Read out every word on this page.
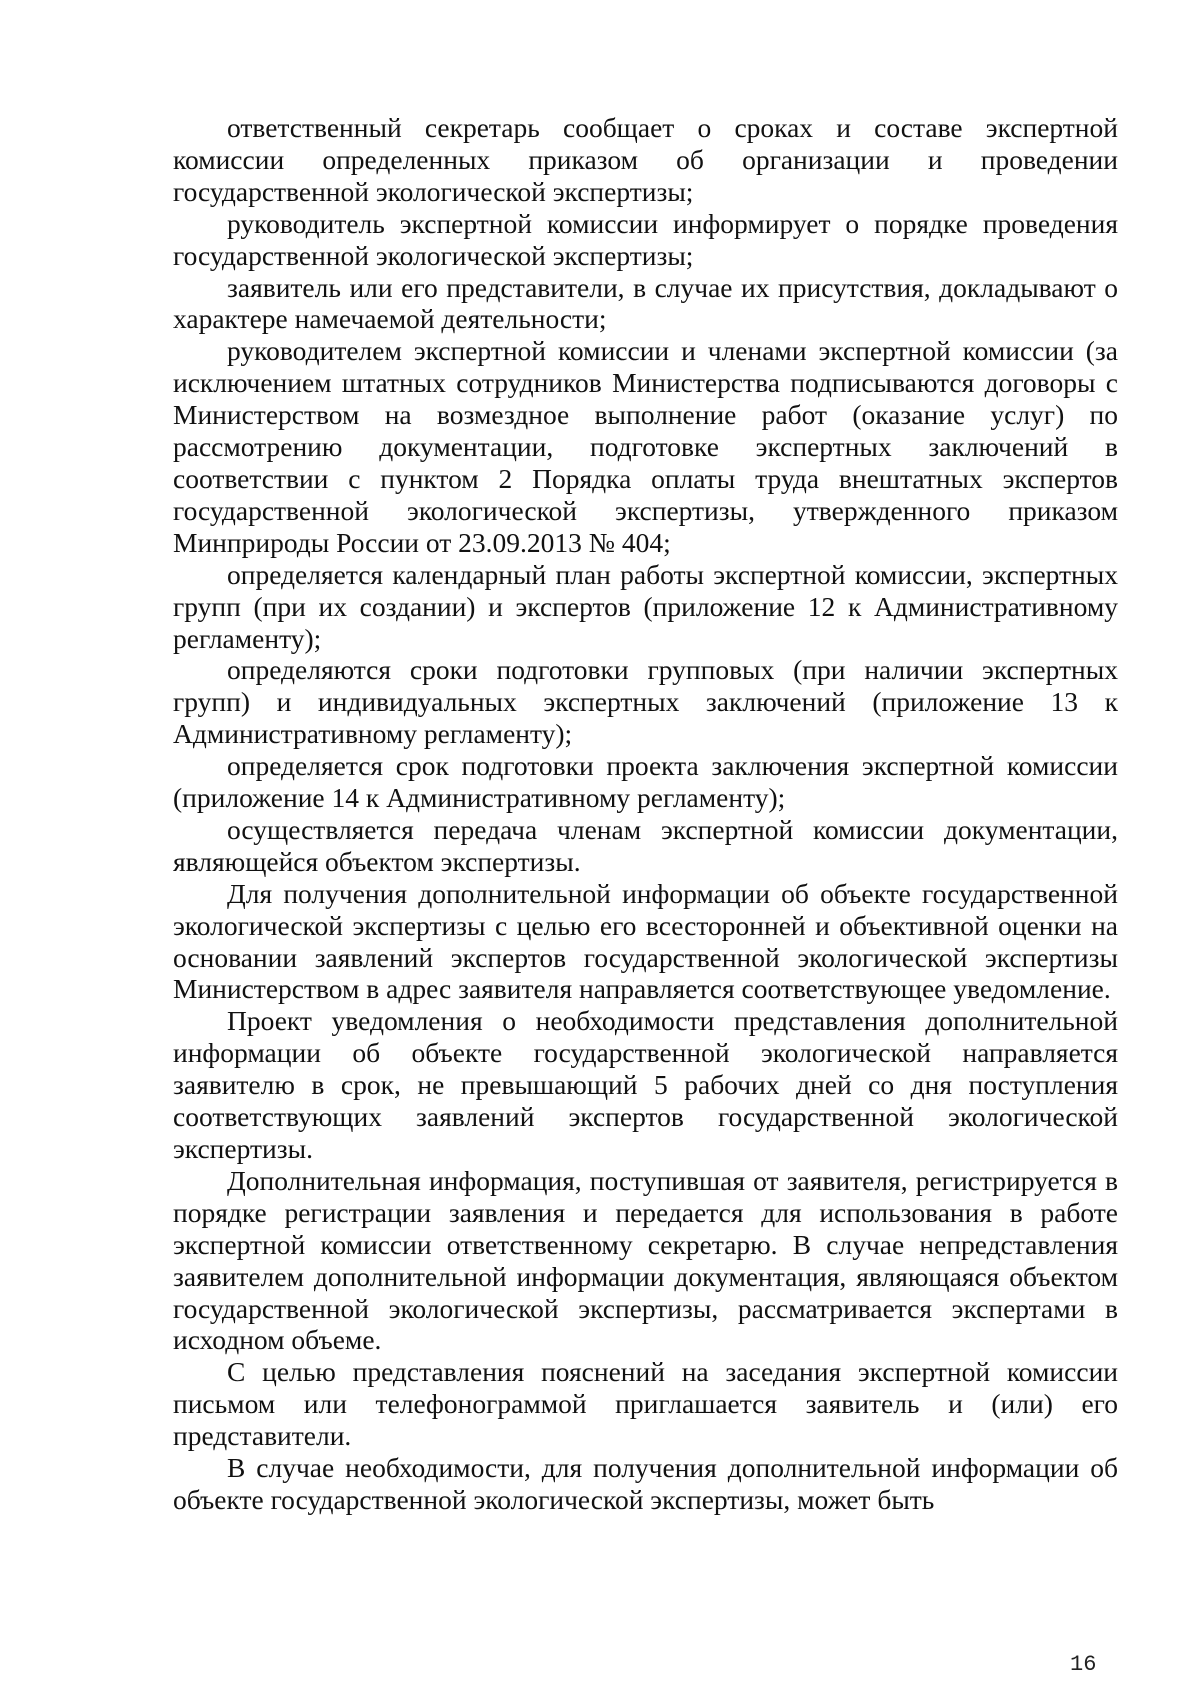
ответственный секретарь сообщает о сроках и составе экспертной комиссии определенных приказом об организации и проведении государственной экологической экспертизы;

руководитель экспертной комиссии информирует о порядке проведения государственной экологической экспертизы;

заявитель или его представители, в случае их присутствия, докладывают о характере намечаемой деятельности;

руководителем экспертной комиссии и членами экспертной комиссии (за исключением штатных сотрудников Министерства подписываются договоры с Министерством на возмездное выполнение работ (оказание услуг) по рассмотрению документации, подготовке экспертных заключений в соответствии с пунктом 2 Порядка оплаты труда внештатных экспертов государственной экологической экспертизы, утвержденного приказом Минприроды России от 23.09.2013 № 404;

определяется календарный план работы экспертной комиссии, экспертных групп (при их создании) и экспертов (приложение 12 к Административному регламенту);

определяются сроки подготовки групповых (при наличии экспертных групп) и индивидуальных экспертных заключений (приложение 13 к Административному регламенту);

определяется срок подготовки проекта заключения экспертной комиссии (приложение 14 к Административному регламенту);

осуществляется передача членам экспертной комиссии документации, являющейся объектом экспертизы.

Для получения дополнительной информации об объекте государственной экологической экспертизы с целью его всесторонней и объективной оценки на основании заявлений экспертов государственной экологической экспертизы Министерством в адрес заявителя направляется соответствующее уведомление.

Проект уведомления о необходимости представления дополнительной информации об объекте государственной экологической направляется заявителю в срок, не превышающий 5 рабочих дней со дня поступления соответствующих заявлений экспертов государственной экологической экспертизы.

Дополнительная информация, поступившая от заявителя, регистрируется в порядке регистрации заявления и передается для использования в работе экспертной комиссии ответственному секретарю. В случае непредставления заявителем дополнительной информации документация, являющаяся объектом государственной экологической экспертизы, рассматривается экспертами в исходном объеме.

С целью представления пояснений на заседания экспертной комиссии письмом или телефонограммой приглашается заявитель и (или) его представители.

В случае необходимости, для получения дополнительной информации об объекте государственной экологической экспертизы, может быть

16
